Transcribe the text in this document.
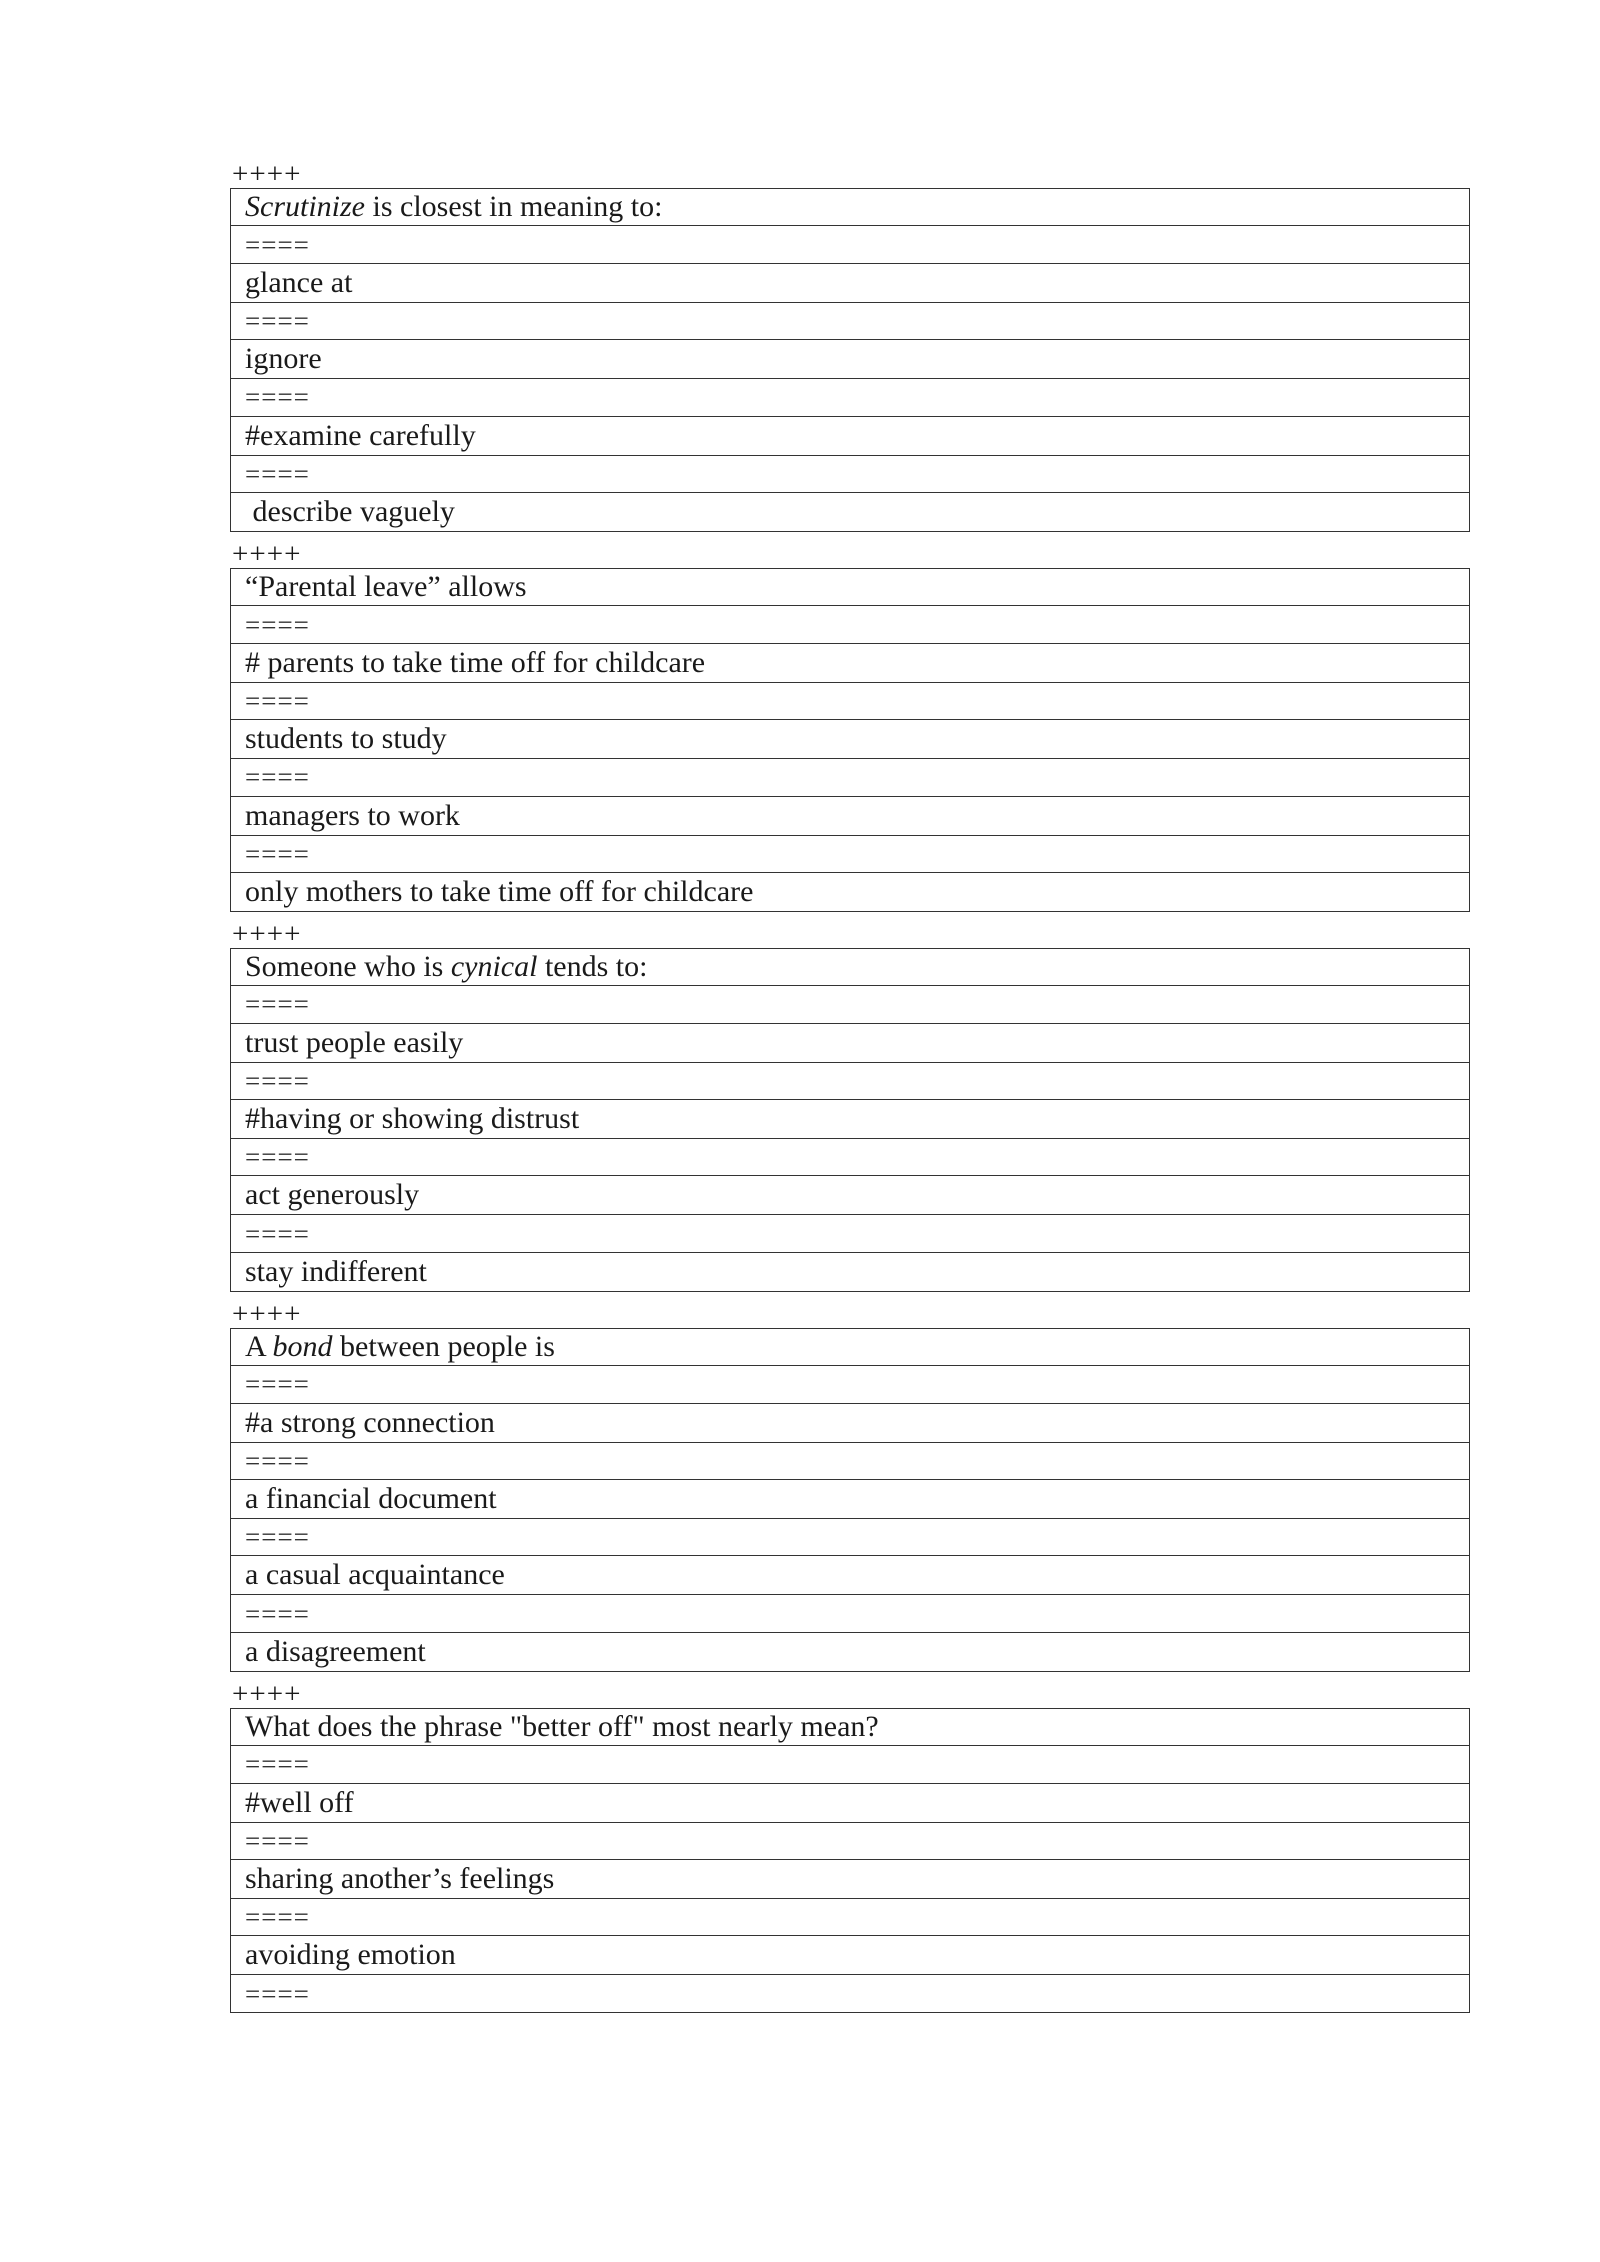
++++
Scrutinize is closest in meaning to:
====
glance at
====
ignore
====
#examine carefully
====
describe vaguely
++++
“Parental leave” allows
====
# parents to take time off for childcare
====
students to study
====
managers to work
====
only mothers to take time off for childcare
++++
Someone who is cynical tends to:
====
trust people easily
====
#having or showing distrust
====
act generously
====
stay indifferent
++++
A bond between people is
====
#a strong connection
====
a financial document
====
a casual acquaintance
====
a disagreement
++++
What does the phrase "better off" most nearly mean?
====
#well off
====
sharing another’s feelings
====
avoiding emotion
====
